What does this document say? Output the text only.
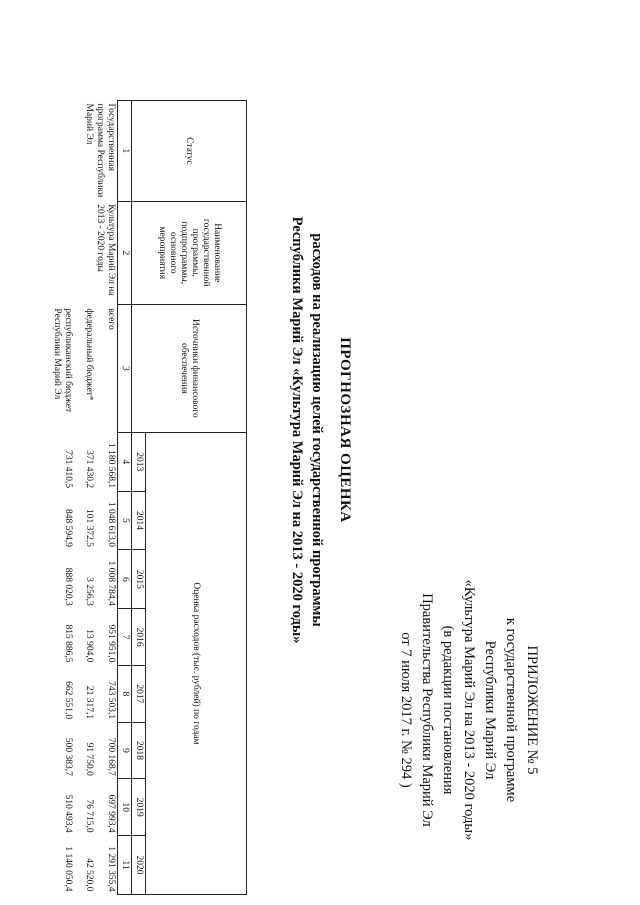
ПРИЛОЖЕНИЕ № 5
к государственной программе
Республики Марий Эл
«Культура Марий Эл на 2013 - 2020 годы»
(в редакции постановления
Правительства Республики Марий Эл
от 7 июля 2017 г. № 294 )
ПРОГНОЗНАЯ ОЦЕНКА
расходов на реализацию целей государственной программы
Республики Марий Эл «Культура Марий Эл на 2013 - 2020 годы»
Статус	Наименование государственной программы, подпрограммы, основного мероприятия	Источники финансового обеспечения	Оценка расходов (тыс. рублей) по годам							
			2013	2014	2015	2016	2017	2018	2019	2020
1	2	3	4	5	6	7	8	9	10	11
Государственная программа Республики Марий Эл	Культура Марий Эл на 2013 - 2020 годы	всего	1 180 568,1	1 048 613,0	1 008 784,4	951 951,0	743 503,1	700 168,7	697 993,4	1 291 355,4
		федеральный бюджет*	371 430,2	101 372,5	3 256,3	13 904,0	21 317,1	91 750,0	76 715,0	42 520,0
		республиканский бюджет Республики Марий Эл	731 410,5	848 594,9	888 020,3	815 886,5	662 551,0	500 383,7	510 493,4	1 140 050,4
